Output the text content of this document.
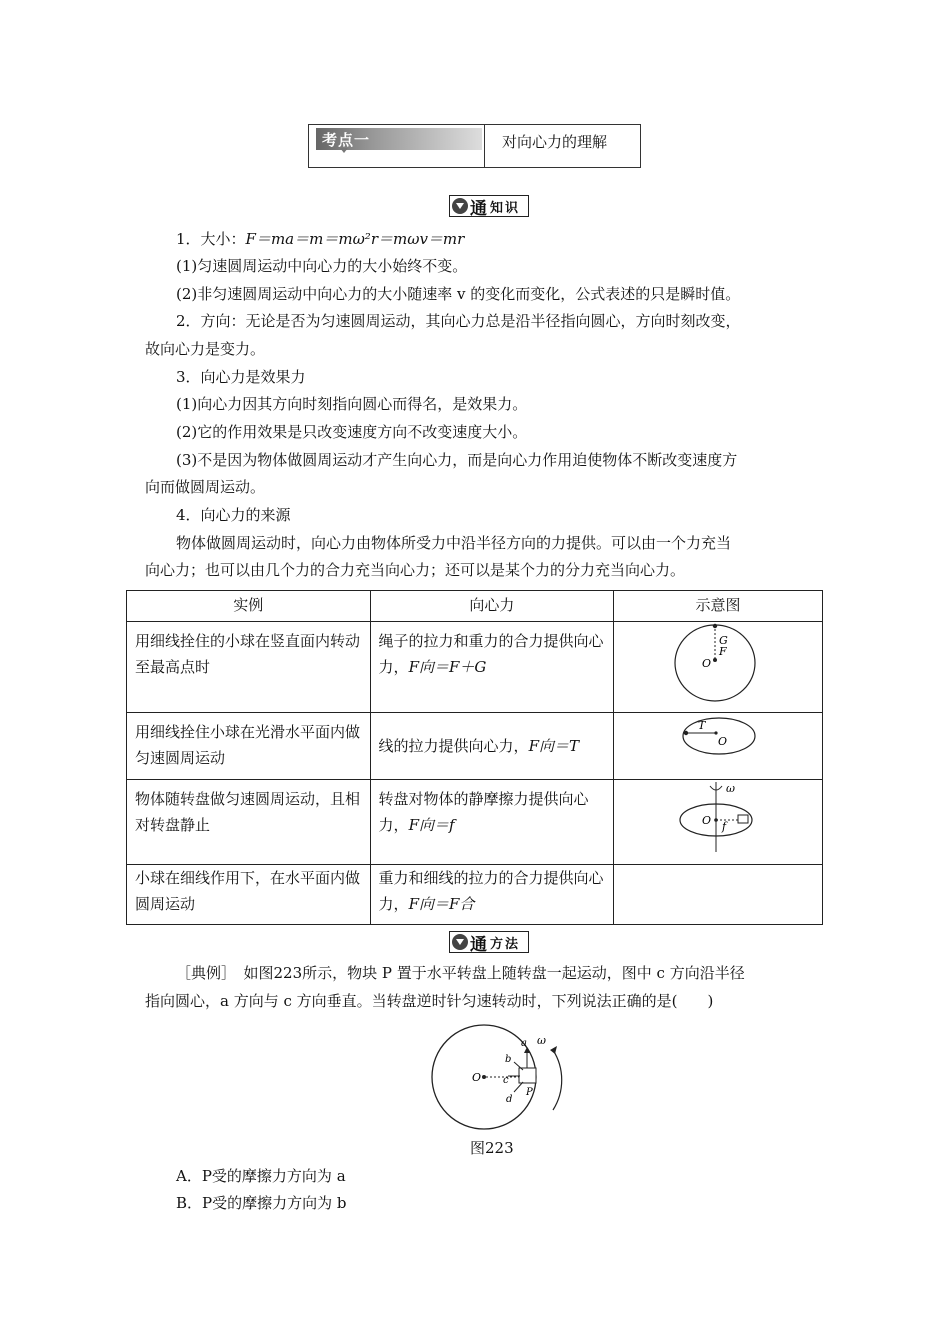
考点一	对向心力的理解
通 知识
1．大小：F＝ma＝m＝mω²r＝mωv＝mr
(1)匀速圆周运动中向心力的大小始终不变。
(2)非匀速圆周运动中向心力的大小随速率 v 的变化而变化，公式表述的只是瞬时值。
2．方向：无论是否为匀速圆周运动，其向心力总是沿半径指向圆心，方向时刻改变，
故向心力是变力。
3．向心力是效果力
(1)向心力因其方向时刻指向圆心而得名，是效果力。
(2)它的作用效果是只改变速度方向不改变速度大小。
(3)不是因为物体做圆周运动才产生向心力，而是向心力作用迫使物体不断改变速度方
向而做圆周运动。
4．向心力的来源
物体做圆周运动时，向心力由物体所受力中沿半径方向的力提供。可以由一个力充当
向心力；也可以由几个力的合力充当向心力；还可以是某个力的分力充当向心力。
实例	向心力	示意图
用细线拴住的小球在竖直面内转动至最高点时	绳子的拉力和重力的合力提供向心力，F向＝F＋G	G
F
O

用细线拴住小球在光滑水平面内做匀速圆周运动	线的拉力提供向心力，F向＝T	T
O

物体随转盘做匀速圆周运动，且相对转盘静止	转盘对物体的静摩擦力提供向心力，F向＝f	ω
O f

小球在细线作用下，在水平面内做圆周运动	重力和细线的拉力的合力提供向心力，F向＝F合	
通 方法
［典例］　如图223所示，物块 P 置于水平转盘上随转盘一起运动，图中 c 方向沿半径
指向圆心，a 方向与 c 方向垂直。当转盘逆时针匀速转动时，下列说法正确的是(　　)
O
a
b
c
d
P
ω
图223
A．P受的摩擦力方向为 a
B．P受的摩擦力方向为 b
